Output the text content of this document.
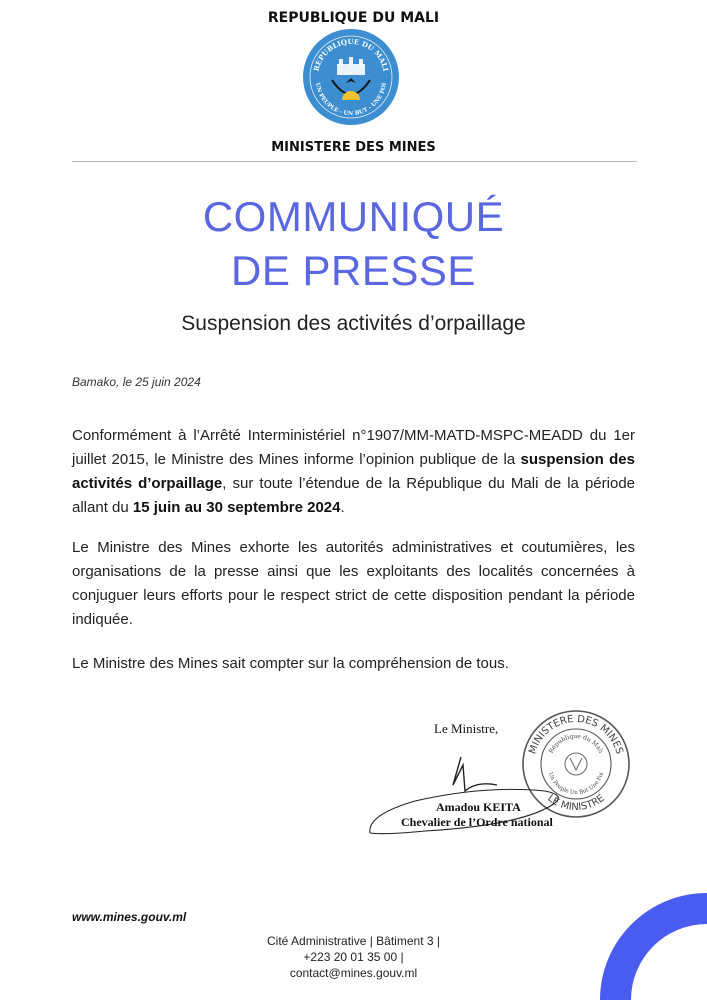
REPUBLIQUE DU MALI
REPUBLIQUE DU MALI
UN PEUPLE - UN BUT - UNE FOI
MINISTERE DES MINES
COMMUNIQUÉ
DE PRESSE
Suspension des activités d’orpaillage
Bamako, le 25 juin 2024
Conformément à l’Arrêté Interministériel n°1907/MM-MATD-MSPC-MEADD du 1er juillet 2015, le Ministre des Mines informe l’opinion publique de la suspension des activités d’orpaillage, sur toute l’étendue de la République du Mali de la période allant du 15 juin au 30 septembre 2024.
Le Ministre des Mines exhorte les autorités administratives et coutumières, les organisations de la presse ainsi que les exploitants des localités concernées à conjuguer leurs efforts pour le respect strict de cette disposition pendant la période indiquée.
Le Ministre des Mines sait compter sur la compréhension de tous.
Le Ministre,
MINISTERE DES MINES
LE MINISTRE
République du Mali
Un Peuple Un But Une Foi
Amadou KEITA
Chevalier de l’Ordre national
www.mines.gouv.ml
Cité Administrative | Bâtiment 3 |
+223 20 01 35 00 |
contact@mines.gouv.ml
